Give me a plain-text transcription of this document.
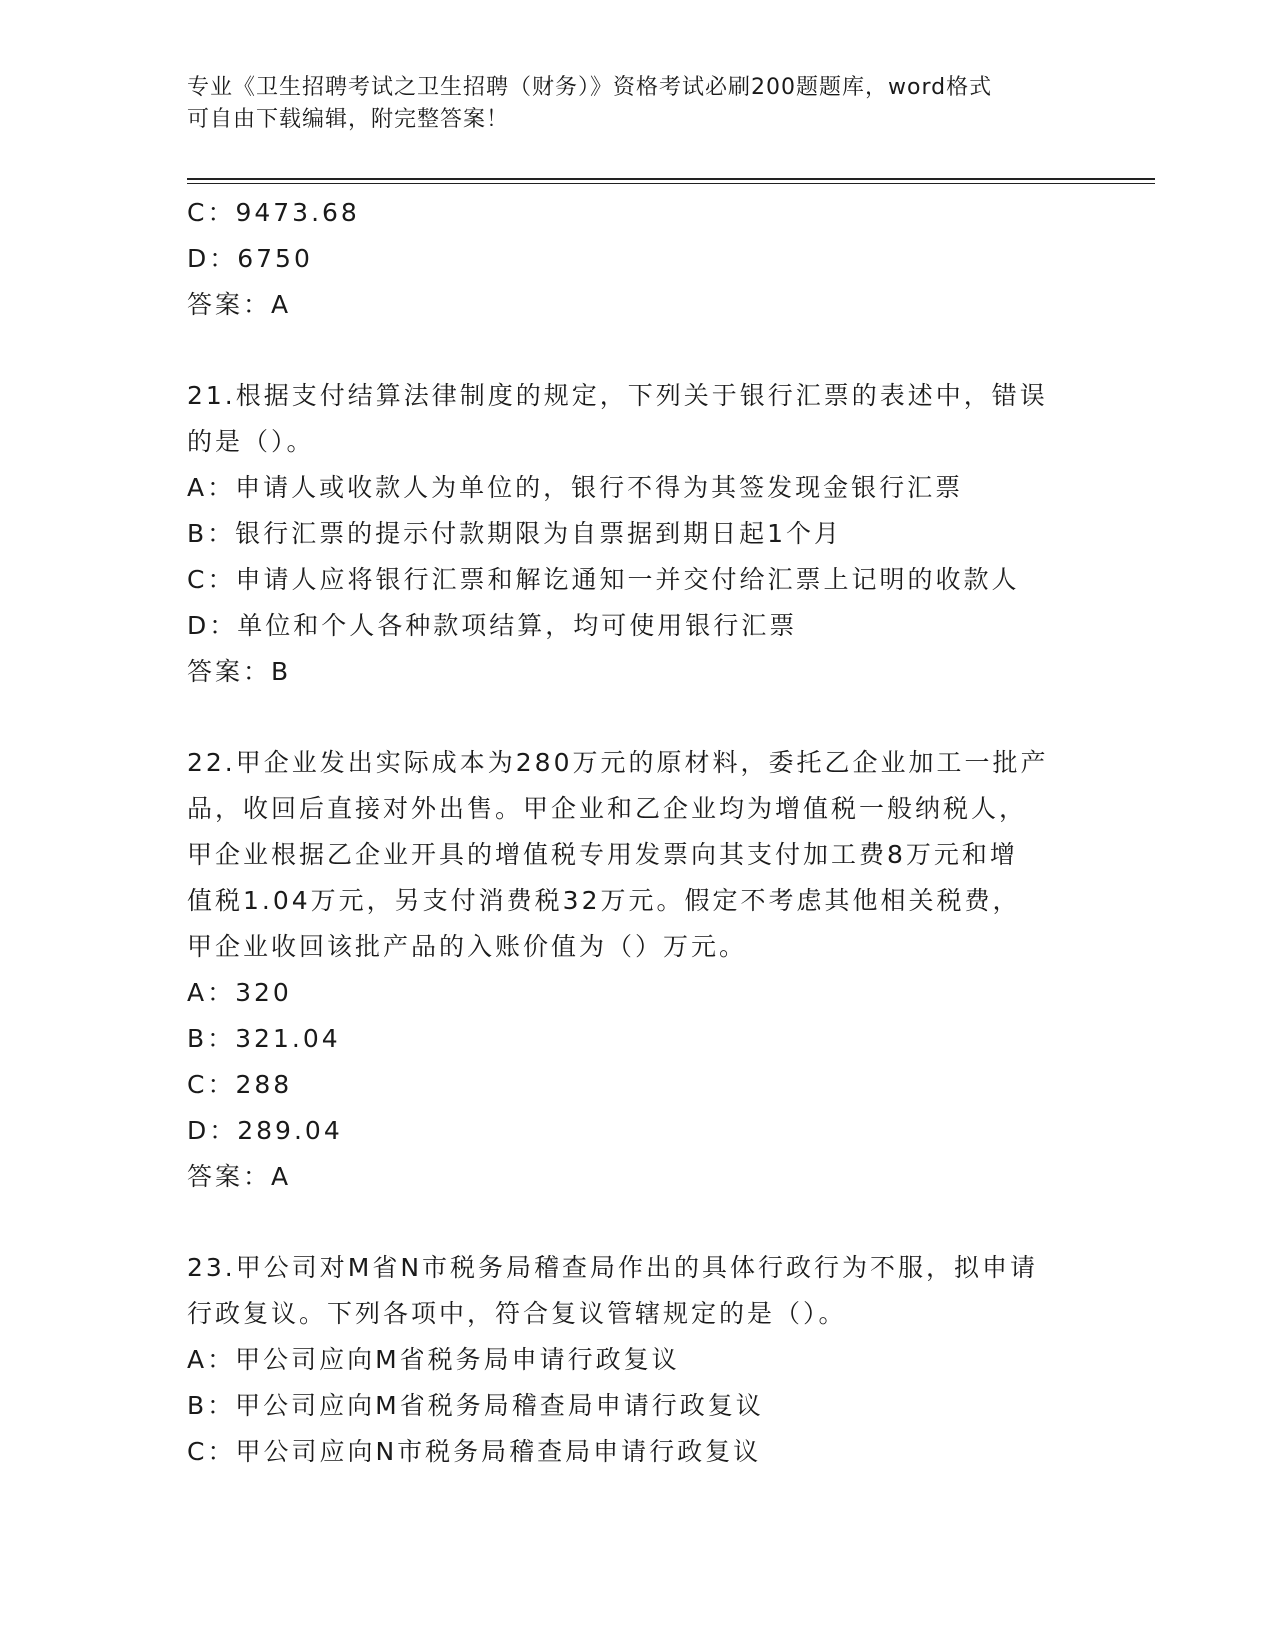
专业《卫生招聘考试之卫生招聘（财务）》资格考试必刷200题题库，word格式
可自由下载编辑，附完整答案！
C：9473.68
D：6750
答案：A
21.根据支付结算法律制度的规定，下列关于银行汇票的表述中，错误
的是（）。
A：申请人或收款人为单位的，银行不得为其签发现金银行汇票
B：银行汇票的提示付款期限为自票据到期日起1个月
C：申请人应将银行汇票和解讫通知一并交付给汇票上记明的收款人
D：单位和个人各种款项结算，均可使用银行汇票
答案：B
22.甲企业发出实际成本为280万元的原材料，委托乙企业加工一批产
品，收回后直接对外出售。甲企业和乙企业均为增值税一般纳税人，
甲企业根据乙企业开具的增值税专用发票向其支付加工费8万元和增
值税1.04万元，另支付消费税32万元。假定不考虑其他相关税费，
甲企业收回该批产品的入账价值为（）万元。
A：320
B：321.04
C：288
D：289.04
答案：A
23.甲公司对M省N市税务局稽查局作出的具体行政行为不服，拟申请
行政复议。下列各项中，符合复议管辖规定的是（）。
A：甲公司应向M省税务局申请行政复议
B：甲公司应向M省税务局稽查局申请行政复议
C：甲公司应向N市税务局稽查局申请行政复议
